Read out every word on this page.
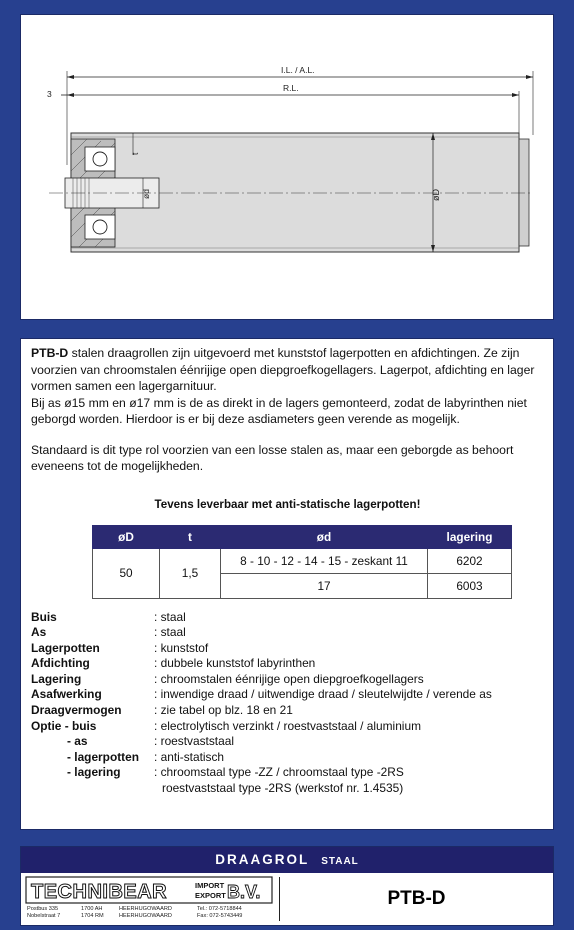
I.L. / A.L.
R.L.
3
t
ød	øD

PTB-D stalen draagrollen zijn uitgevoerd met kunststof lagerpotten en afdichtingen. Ze zijn voorzien van chroomstalen éénrijige open diepgroefkogellagers. Lagerpot, afdichting en lager vormen samen een lagergarnituur.

Bij as ø15 mm en ø17 mm is de as direkt in de lagers gemonteerd, zodat de labyrinthen niet geborgd worden. Hierdoor is er bij deze asdiameters geen verende as mogelijk.

Standaard is dit type rol voorzien van een losse stalen as, maar een geborgde as behoort eveneens tot de mogelijkheden.

Tevens leverbaar met anti-statische lagerpotten!
øD	t	ød	lagering
50	1,5	8 - 10 - 12 - 14 - 15 - zeskant 11	6202
		17	6003
Buis	: staal
As	: staal
Lagerpotten	: kunststof
Afdichting	: dubbele kunststof labyrinthen
Lagering	: chroomstalen éénrijige open diepgroefkogellagers
Asafwerking	: inwendige draad / uitwendige draad / sleutelwijdte / verende as
Draagvermogen	: zie tabel op blz. 18 en 21
Optie - buis	: electrolytisch verzinkt / roestvaststaal / aluminium
- as	: roestvaststaal
- lagerpotten	: anti-statisch
- lagering	: chroomstaal type -ZZ / chroomstaal type -2RS
roestvaststaal type -2RS (werkstof nr. 1.4535)
DRAAGROL STAAL
TECHNIBEAR	IMPORT
EXPORT B.V.
Postbus 335
Nobelstraat 7
1700 AH
1704 RM
HEERHUGOWAARD
HEERHUGOWAARD
Tel.: 072-5718844
Fax: 072-5743449
PTB-D
